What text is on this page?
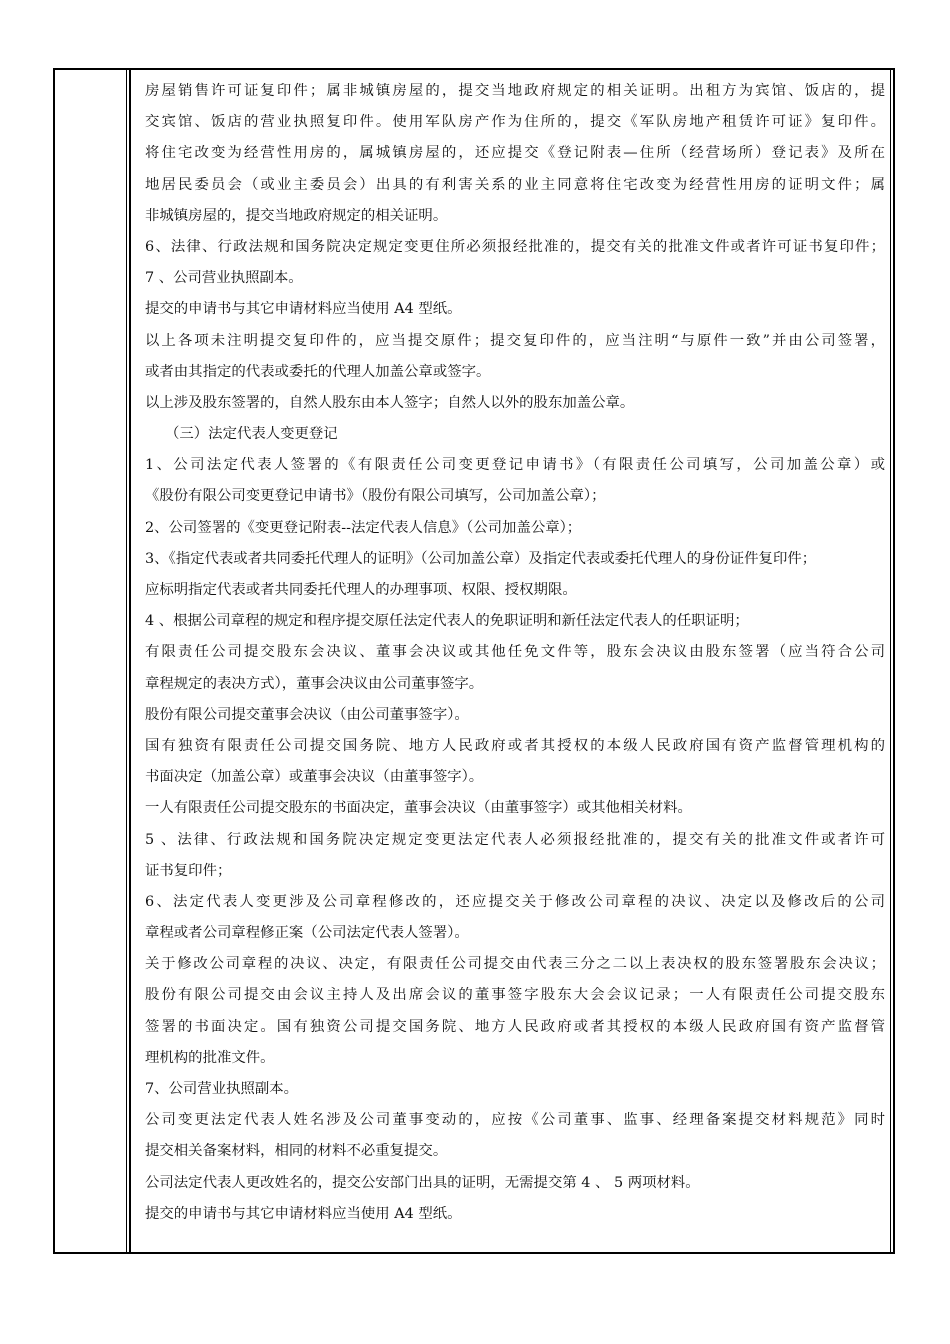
房屋销售许可证复印件；属非城镇房屋的，提交当地政府规定的相关证明。出租方为宾馆、饭店的，提
交宾馆、饭店的营业执照复印件。使用军队房产作为住所的，提交《军队房地产租赁许可证》复印件。
将住宅改变为经营性用房的，属城镇房屋的，还应提交《登记附表—住所（经营场所）登记表》及所在
地居民委员会（或业主委员会）出具的有利害关系的业主同意将住宅改变为经营性用房的证明文件；属
非城镇房屋的，提交当地政府规定的相关证明。
6、法律、行政法规和国务院决定规定变更住所必须报经批准的，提交有关的批准文件或者许可证书复印件；
7 、公司营业执照副本。
提交的申请书与其它申请材料应当使用 A4 型纸。
以上各项未注明提交复印件的，应当提交原件；提交复印件的，应当注明“与原件一致”并由公司签署，
或者由其指定的代表或委托的代理人加盖公章或签字。
以上涉及股东签署的，自然人股东由本人签字；自然人以外的股东加盖公章。
（三）法定代表人变更登记
1、公司法定代表人签署的《有限责任公司变更登记申请书》（有限责任公司填写，公司加盖公章）或
《股份有限公司变更登记申请书》（股份有限公司填写，公司加盖公章）；
2、公司签署的《变更登记附表--法定代表人信息》（公司加盖公章）；
3、《指定代表或者共同委托代理人的证明》（公司加盖公章）及指定代表或委托代理人的身份证件复印件；
应标明指定代表或者共同委托代理人的办理事项、权限、授权期限。
4 、根据公司章程的规定和程序提交原任法定代表人的免职证明和新任法定代表人的任职证明；
有限责任公司提交股东会决议、董事会决议或其他任免文件等，股东会决议由股东签署（应当符合公司
章程规定的表决方式），董事会决议由公司董事签字。
股份有限公司提交董事会决议（由公司董事签字）。
国有独资有限责任公司提交国务院、地方人民政府或者其授权的本级人民政府国有资产监督管理机构的
书面决定（加盖公章）或董事会决议（由董事签字）。
一人有限责任公司提交股东的书面决定，董事会决议（由董事签字）或其他相关材料。
5 、法律、行政法规和国务院决定规定变更法定代表人必须报经批准的，提交有关的批准文件或者许可
证书复印件；
6、法定代表人变更涉及公司章程修改的，还应提交关于修改公司章程的决议、决定以及修改后的公司
章程或者公司章程修正案（公司法定代表人签署）。
关于修改公司章程的决议、决定，有限责任公司提交由代表三分之二以上表决权的股东签署股东会决议；
股份有限公司提交由会议主持人及出席会议的董事签字股东大会会议记录；一人有限责任公司提交股东
签署的书面决定。国有独资公司提交国务院、地方人民政府或者其授权的本级人民政府国有资产监督管
理机构的批准文件。
7、公司营业执照副本。
公司变更法定代表人姓名涉及公司董事变动的，应按《公司董事、监事、经理备案提交材料规范》同时
提交相关备案材料，相同的材料不必重复提交。
公司法定代表人更改姓名的，提交公安部门出具的证明，无需提交第 4 、 5 两项材料。
提交的申请书与其它申请材料应当使用 A4 型纸。
